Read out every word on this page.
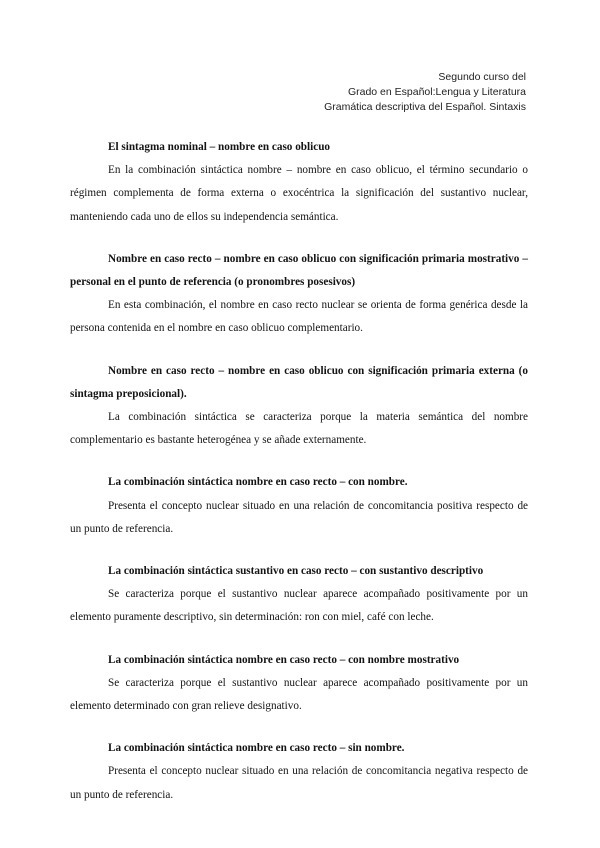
Segundo curso del
Grado en Español:Lengua y Literatura
Gramática descriptiva del Español. Sintaxis

El sintagma nominal – nombre en caso oblicuo

En la combinación sintáctica nombre – nombre en caso oblicuo, el término secundario o régimen complementa de forma externa o exocéntrica la significación del sustantivo nuclear, manteniendo cada uno de ellos su independencia semántica.

Nombre en caso recto – nombre en caso oblicuo con significación primaria mostrativo – personal en el punto de referencia (o pronombres posesivos)

En esta combinación, el nombre en caso recto nuclear se orienta de forma genérica desde la persona contenida en el nombre en caso oblicuo complementario.

Nombre en caso recto – nombre en caso oblicuo con significación primaria externa (o sintagma preposicional).

La combinación sintáctica se caracteriza porque la materia semántica del nombre complementario es bastante heterogénea y se añade externamente.

La combinación sintáctica nombre en caso recto – con nombre.

Presenta el concepto nuclear situado en una relación de concomitancia positiva respecto de un punto de referencia.

La combinación sintáctica sustantivo en caso recto – con sustantivo descriptivo

Se caracteriza porque el sustantivo nuclear aparece acompañado positivamente por un elemento puramente descriptivo, sin determinación: ron con miel, café con leche.

La combinación sintáctica nombre en caso recto – con nombre mostrativo

Se caracteriza porque el sustantivo nuclear aparece acompañado positivamente por un elemento determinado con gran relieve designativo.

La combinación sintáctica nombre en caso recto – sin nombre.

Presenta el concepto nuclear situado en una relación de concomitancia negativa respecto de un punto de referencia.
